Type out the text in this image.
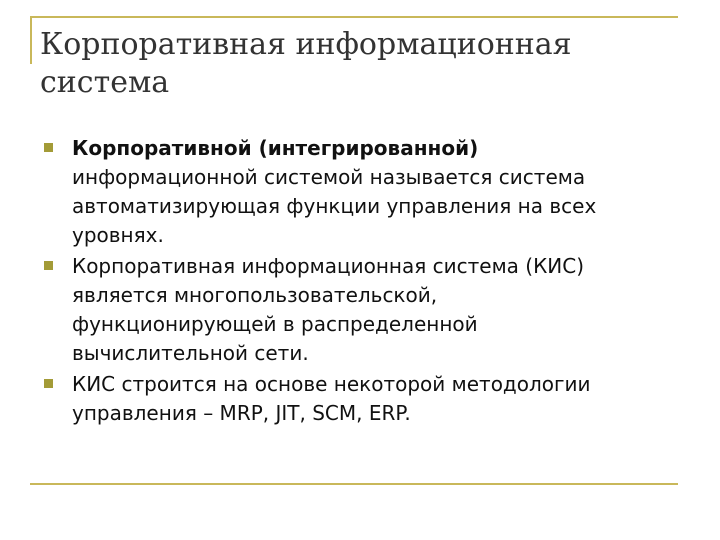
Корпоративная информационная
система
Корпоративной (интегрированной)
информационной системой называется система
автоматизирующая функции управления на всех
уровнях.
Корпоративная информационная система (КИС)
является многопользовательской,
функционирующей в распределенной
вычислительной сети.
КИС строится на основе некоторой методологии
управления – MRP, JIT, SCM, ERP.
